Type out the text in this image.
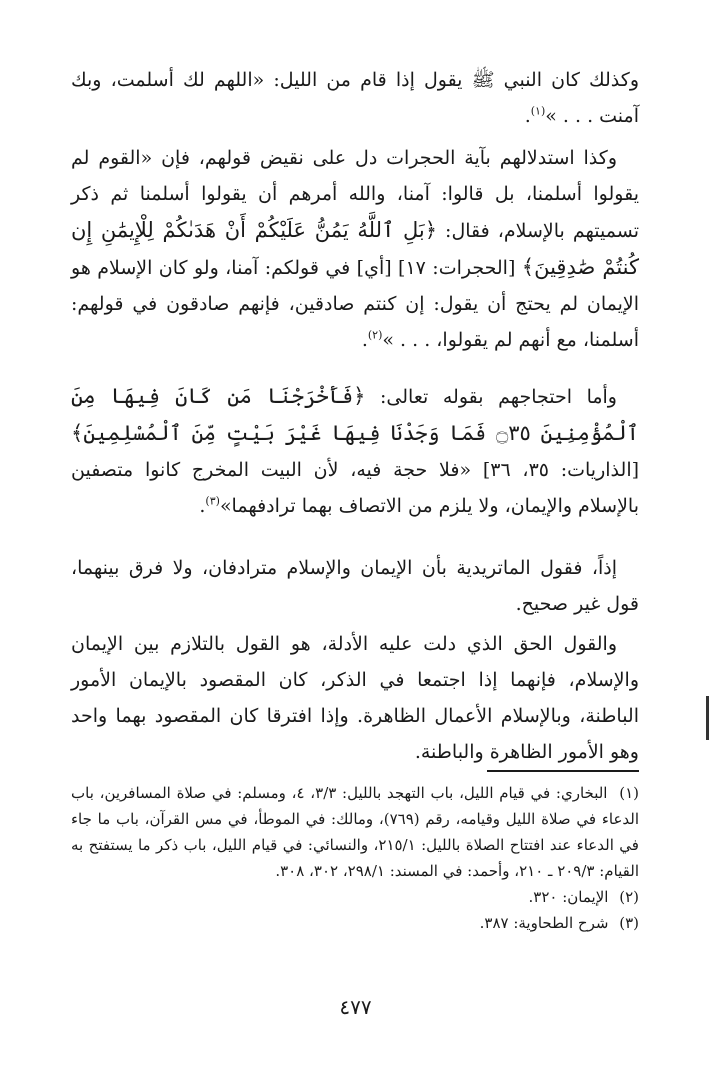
وكذلك كان النبي ﷺ يقول إذا قام من الليل: «اللهم لك أسلمت، وبك آمنت . . . »$^{(١)}$.

وكذا استدلالهم بآية الحجرات دل على نقيض قولهم، فإن «القوم لم يقولوا أسلمنا، بل قالوا: آمنا، والله أمرهم أن يقولوا أسلمنا ثم ذكر تسميتهم بالإسلام، فقال: ﴿بَلِ ٱللَّهُ يَمُنُّ عَلَيْكُمْ أَنْ هَدَىٰكُمْ لِلْإِيمَٰنِ إِن كُنتُمْ صَٰدِقِينَ﴾ [الحجرات: ١٧] [أي] في قولكم: آمنا، ولو كان الإسلام هو الإيمان لم يحتج أن يقول: إن كنتم صادقين، فإنهم صادقون في قولهم: أسلمنا، مع أنهم لم يقولوا، . . . »$^{(٢)}$.

وأما احتجاجهم بقوله تعالى: ﴿فَأَخْرَجْنَا مَن كَانَ فِيهَا مِنَ ٱلْمُؤْمِنِينَ ۝٣٥ فَمَا وَجَدْنَا فِيهَا غَيْرَ بَيْتٍ مِّنَ ٱلْمُسْلِمِينَ﴾ [الذاريات: ٣٥، ٣٦] «فلا حجة فيه، لأن البيت المخرج كانوا متصفين بالإسلام والإيمان، ولا يلزم من الاتصاف بهما ترادفهما»$^{(٣)}$.

إذاً، فقول الماتريدية بأن الإيمان والإسلام مترادفان، ولا فرق بينهما، قول غير صحيح.

والقول الحق الذي دلت عليه الأدلة، هو القول بالتلازم بين الإيمان والإسلام، فإنهما إذا اجتمعا في الذكر، كان المقصود بالإيمان الأمور الباطنة، وبالإسلام الأعمال الظاهرة. وإذا افترقا كان المقصود بهما واحد وهو الأمور الظاهرة والباطنة.

(١) البخاري: في قيام الليل، باب التهجد بالليل: ٣/٣، ٤، ومسلم: في صلاة المسافرين، باب الدعاء في صلاة الليل وقيامه، رقم (٧٦٩)، ومالك: في الموطأ، في مس القرآن، باب ما جاء في الدعاء عند افتتاح الصلاة بالليل: ٢١٥/١، والنسائي: في قيام الليل، باب ذكر ما يستفتح به القيام: ٢٠٩/٣ ـ ٢١٠، وأحمد: في المسند: ٢٩٨/١، ٣٠٢، ٣٠٨.
(٢) الإيمان: ٣٢٠.
(٣) شرح الطحاوية: ٣٨٧.
٤٧٧
